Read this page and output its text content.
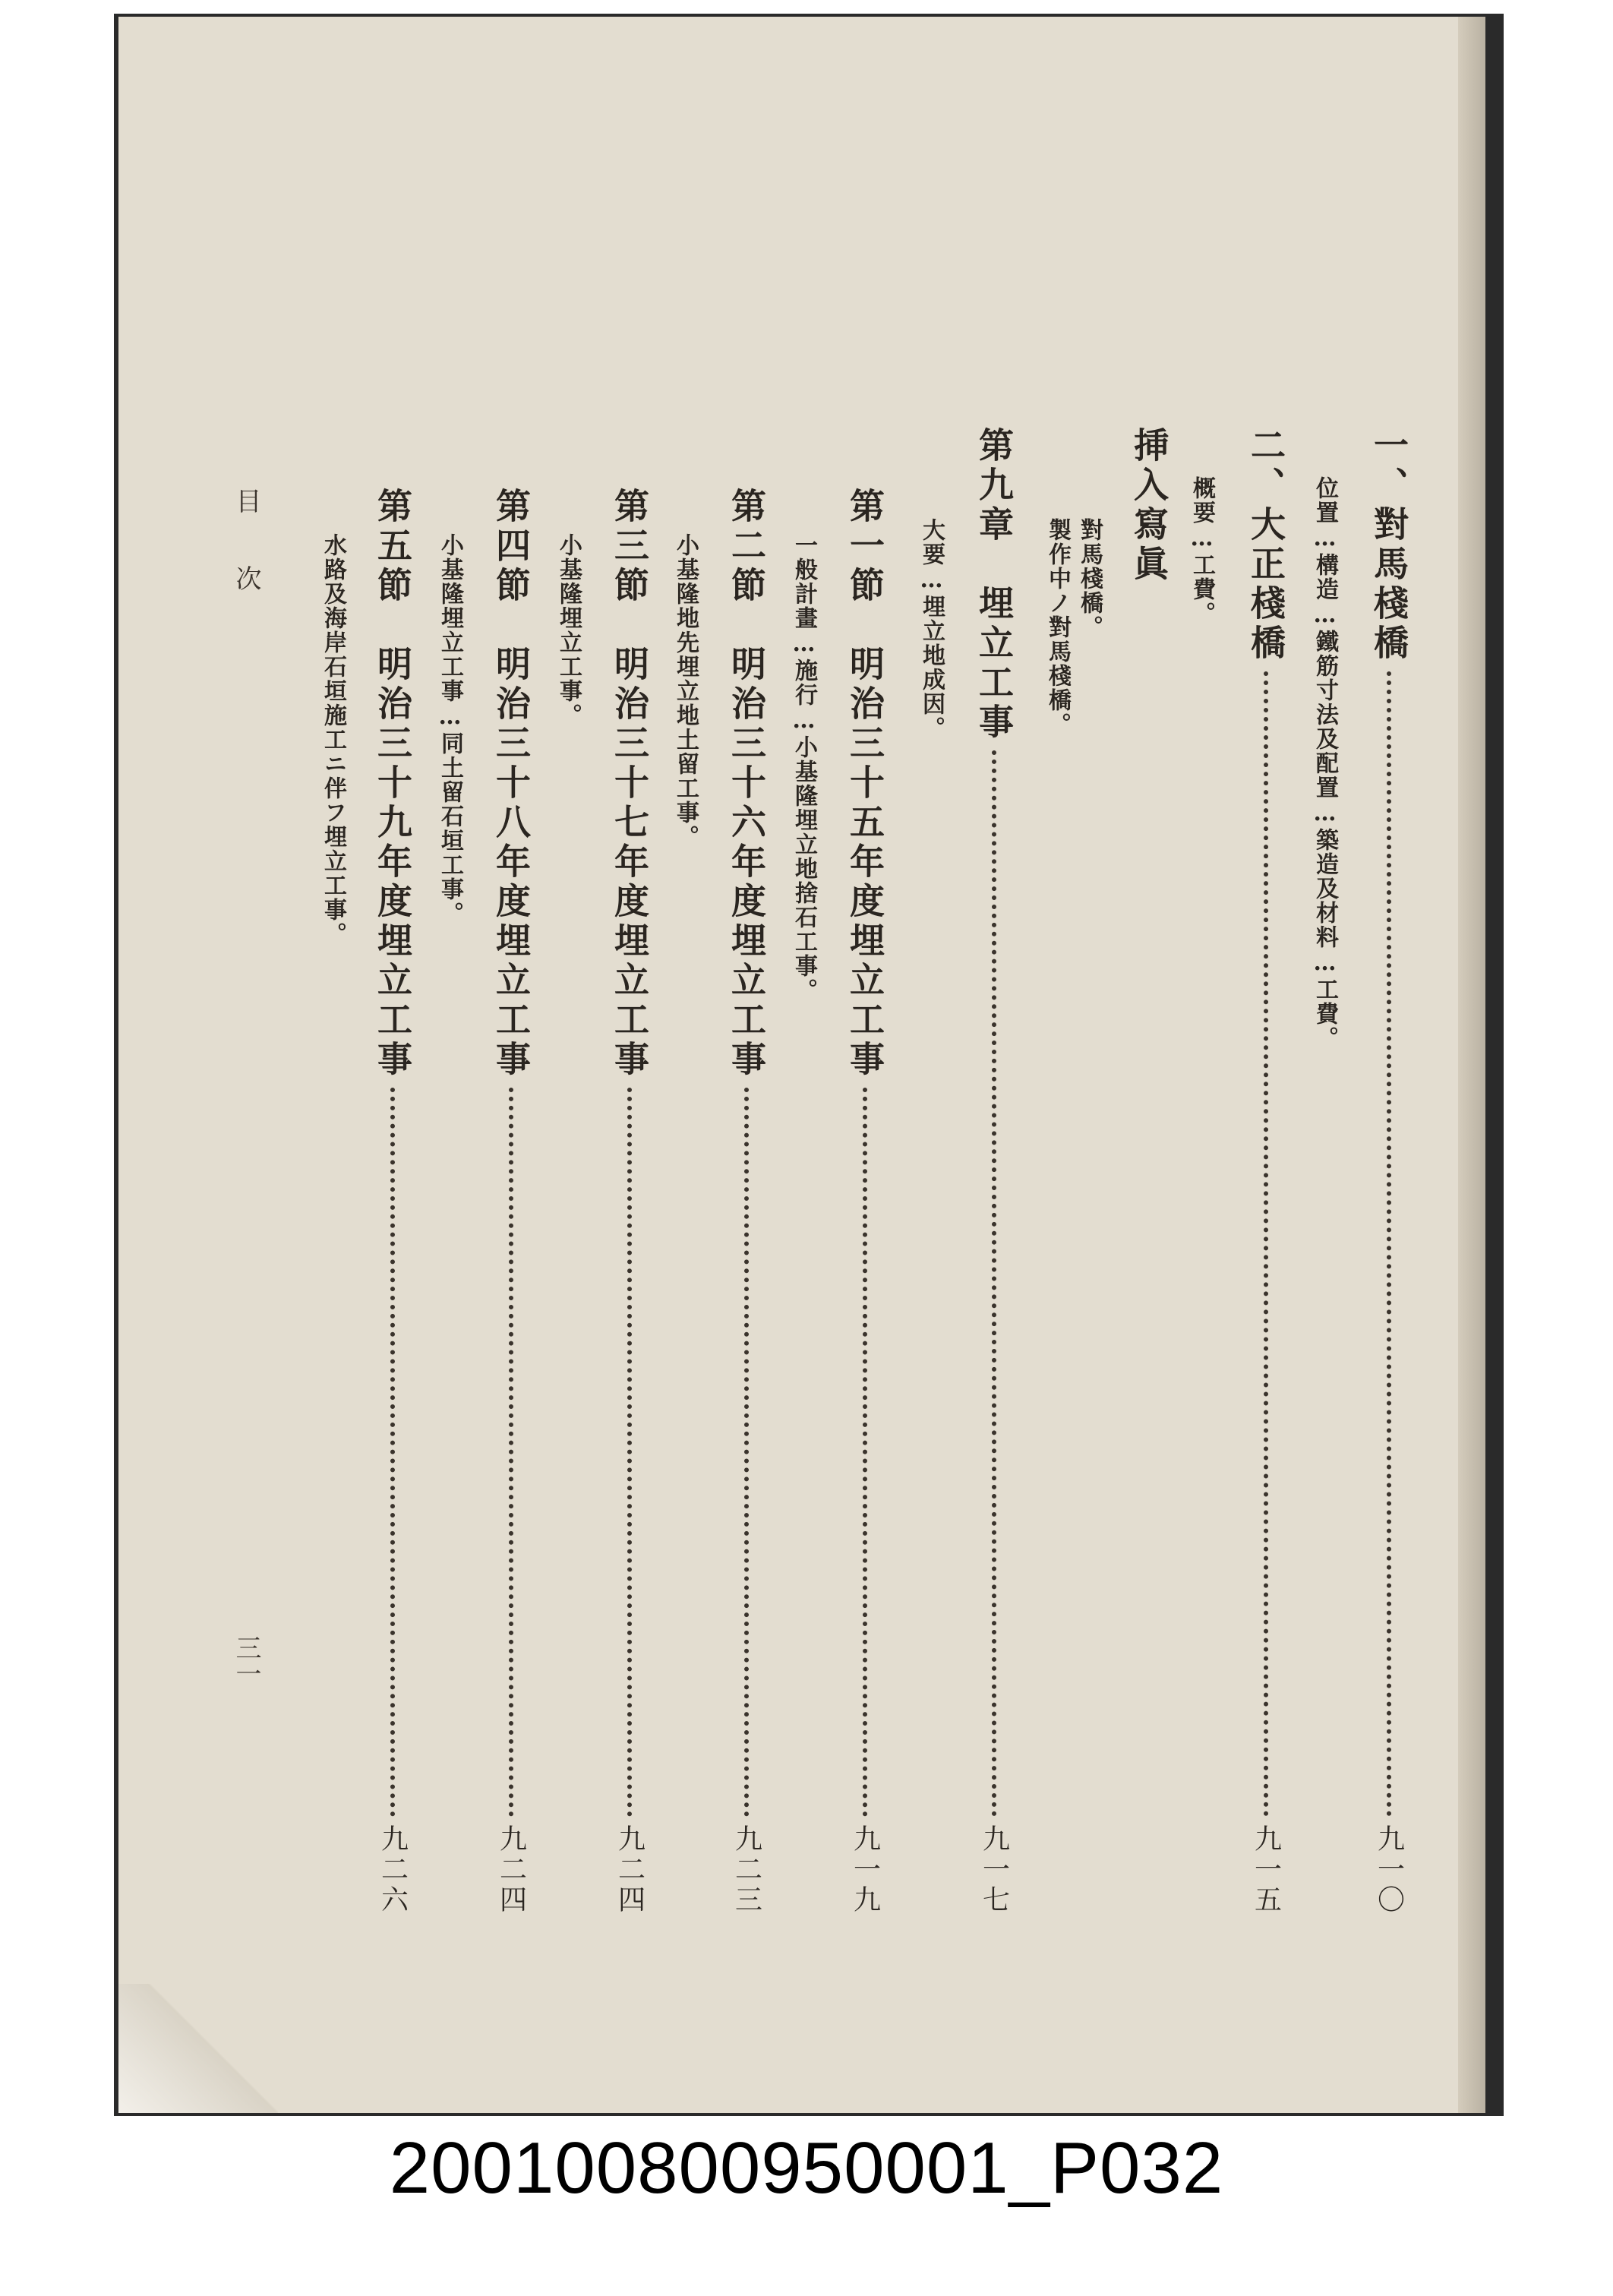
一、對馬棧橋
九一〇
位置…構造…鐵筋寸法及配置…築造及材料…工費。
二、大正棧橋
九一五
概要…工費。
挿入寫眞
對馬棧橋。
製作中ノ對馬棧橋。
第九章　埋立工事
九一七
大要…埋立地成因。
第一節　明治三十五年度埋立工事
九一九
一般計畫…施行…小基隆埋立地捨石工事。
第二節　明治三十六年度埋立工事
九二三
小基隆地先埋立地土留工事。
第三節　明治三十七年度埋立工事
九二四
小基隆埋立工事。
第四節　明治三十八年度埋立工事
九二四
小基隆埋立工事…同土留石垣工事。
第五節　明治三十九年度埋立工事
九二六
水路及海岸石垣施工ニ伴フ埋立工事。
目　　次
三一
200100800950001_P032
